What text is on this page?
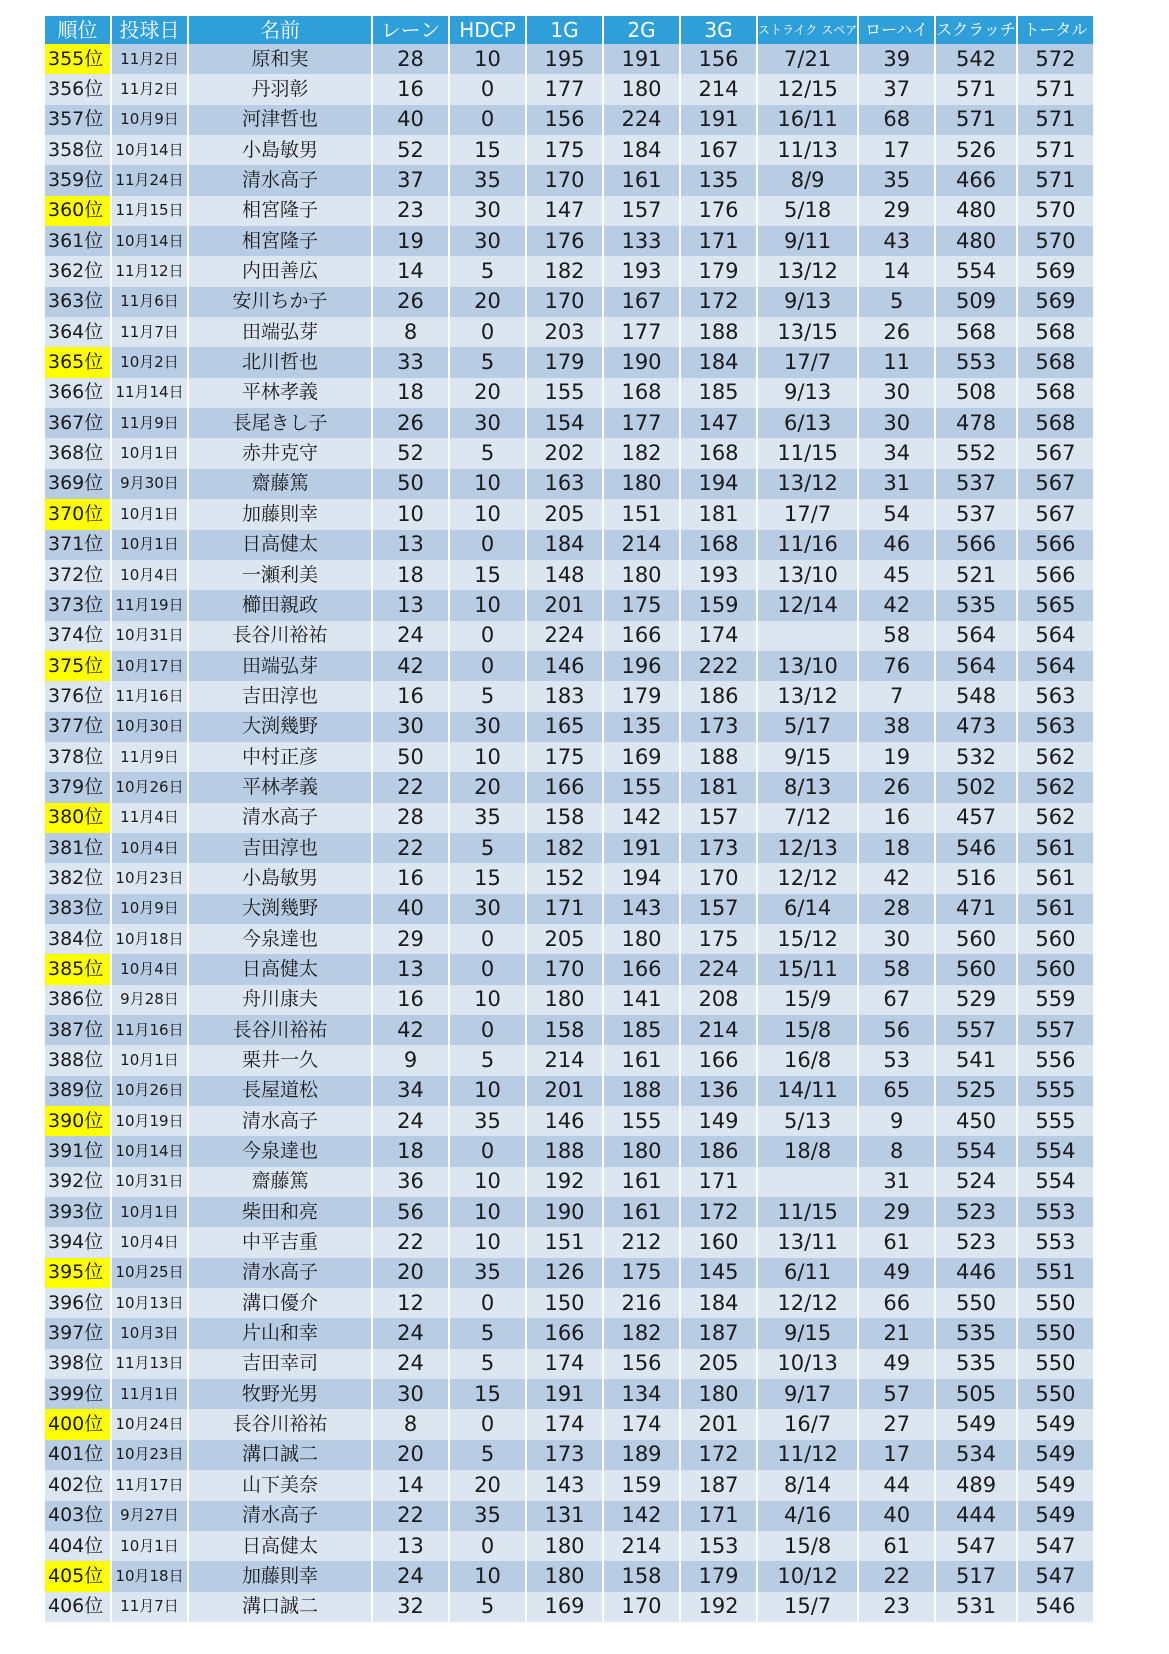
順位	投球日	名前	レーン	HDCP	1G	2G	3G	ストライク スペア	ローハイ	スクラッチ	トータル
355位	11月2日	原和実	28	10	195	191	156	7/21	39	542	572
356位	11月2日	丹羽彰	16	0	177	180	214	12/15	37	571	571
357位	10月9日	河津哲也	40	0	156	224	191	16/11	68	571	571
358位	10月14日	小島敏男	52	15	175	184	167	11/13	17	526	571
359位	11月24日	清水高子	37	35	170	161	135	8/9	35	466	571
360位	11月15日	相宮隆子	23	30	147	157	176	5/18	29	480	570
361位	10月14日	相宮隆子	19	30	176	133	171	9/11	43	480	570
362位	11月12日	内田善広	14	5	182	193	179	13/12	14	554	569
363位	11月6日	安川ちか子	26	20	170	167	172	9/13	5	509	569
364位	11月7日	田端弘芽	8	0	203	177	188	13/15	26	568	568
365位	10月2日	北川哲也	33	5	179	190	184	17/7	11	553	568
366位	11月14日	平林孝義	18	20	155	168	185	9/13	30	508	568
367位	11月9日	長尾きし子	26	30	154	177	147	6/13	30	478	568
368位	10月1日	赤井克守	52	5	202	182	168	11/15	34	552	567
369位	9月30日	齋藤篤	50	10	163	180	194	13/12	31	537	567
370位	10月1日	加藤則幸	10	10	205	151	181	17/7	54	537	567
371位	10月1日	日高健太	13	0	184	214	168	11/16	46	566	566
372位	10月4日	一瀬利美	18	15	148	180	193	13/10	45	521	566
373位	11月19日	櫛田親政	13	10	201	175	159	12/14	42	535	565
374位	10月31日	長谷川裕祐	24	0	224	166	174		58	564	564
375位	10月17日	田端弘芽	42	0	146	196	222	13/10	76	564	564
376位	11月16日	吉田淳也	16	5	183	179	186	13/12	7	548	563
377位	10月30日	大渕幾野	30	30	165	135	173	5/17	38	473	563
378位	11月9日	中村正彦	50	10	175	169	188	9/15	19	532	562
379位	10月26日	平林孝義	22	20	166	155	181	8/13	26	502	562
380位	11月4日	清水高子	28	35	158	142	157	7/12	16	457	562
381位	10月4日	吉田淳也	22	5	182	191	173	12/13	18	546	561
382位	10月23日	小島敏男	16	15	152	194	170	12/12	42	516	561
383位	10月9日	大渕幾野	40	30	171	143	157	6/14	28	471	561
384位	10月18日	今泉達也	29	0	205	180	175	15/12	30	560	560
385位	10月4日	日高健太	13	0	170	166	224	15/11	58	560	560
386位	9月28日	舟川康夫	16	10	180	141	208	15/9	67	529	559
387位	11月16日	長谷川裕祐	42	0	158	185	214	15/8	56	557	557
388位	10月1日	栗井一久	9	5	214	161	166	16/8	53	541	556
389位	10月26日	長屋道松	34	10	201	188	136	14/11	65	525	555
390位	10月19日	清水高子	24	35	146	155	149	5/13	9	450	555
391位	10月14日	今泉達也	18	0	188	180	186	18/8	8	554	554
392位	10月31日	齋藤篤	36	10	192	161	171		31	524	554
393位	10月1日	柴田和亮	56	10	190	161	172	11/15	29	523	553
394位	10月4日	中平吉重	22	10	151	212	160	13/11	61	523	553
395位	10月25日	清水高子	20	35	126	175	145	6/11	49	446	551
396位	10月13日	溝口優介	12	0	150	216	184	12/12	66	550	550
397位	10月3日	片山和幸	24	5	166	182	187	9/15	21	535	550
398位	11月13日	吉田幸司	24	5	174	156	205	10/13	49	535	550
399位	11月1日	牧野光男	30	15	191	134	180	9/17	57	505	550
400位	10月24日	長谷川裕祐	8	0	174	174	201	16/7	27	549	549
401位	10月23日	溝口誠二	20	5	173	189	172	11/12	17	534	549
402位	11月17日	山下美奈	14	20	143	159	187	8/14	44	489	549
403位	9月27日	清水高子	22	35	131	142	171	4/16	40	444	549
404位	10月1日	日高健太	13	0	180	214	153	15/8	61	547	547
405位	10月18日	加藤則幸	24	10	180	158	179	10/12	22	517	547
406位	11月7日	溝口誠二	32	5	169	170	192	15/7	23	531	546
